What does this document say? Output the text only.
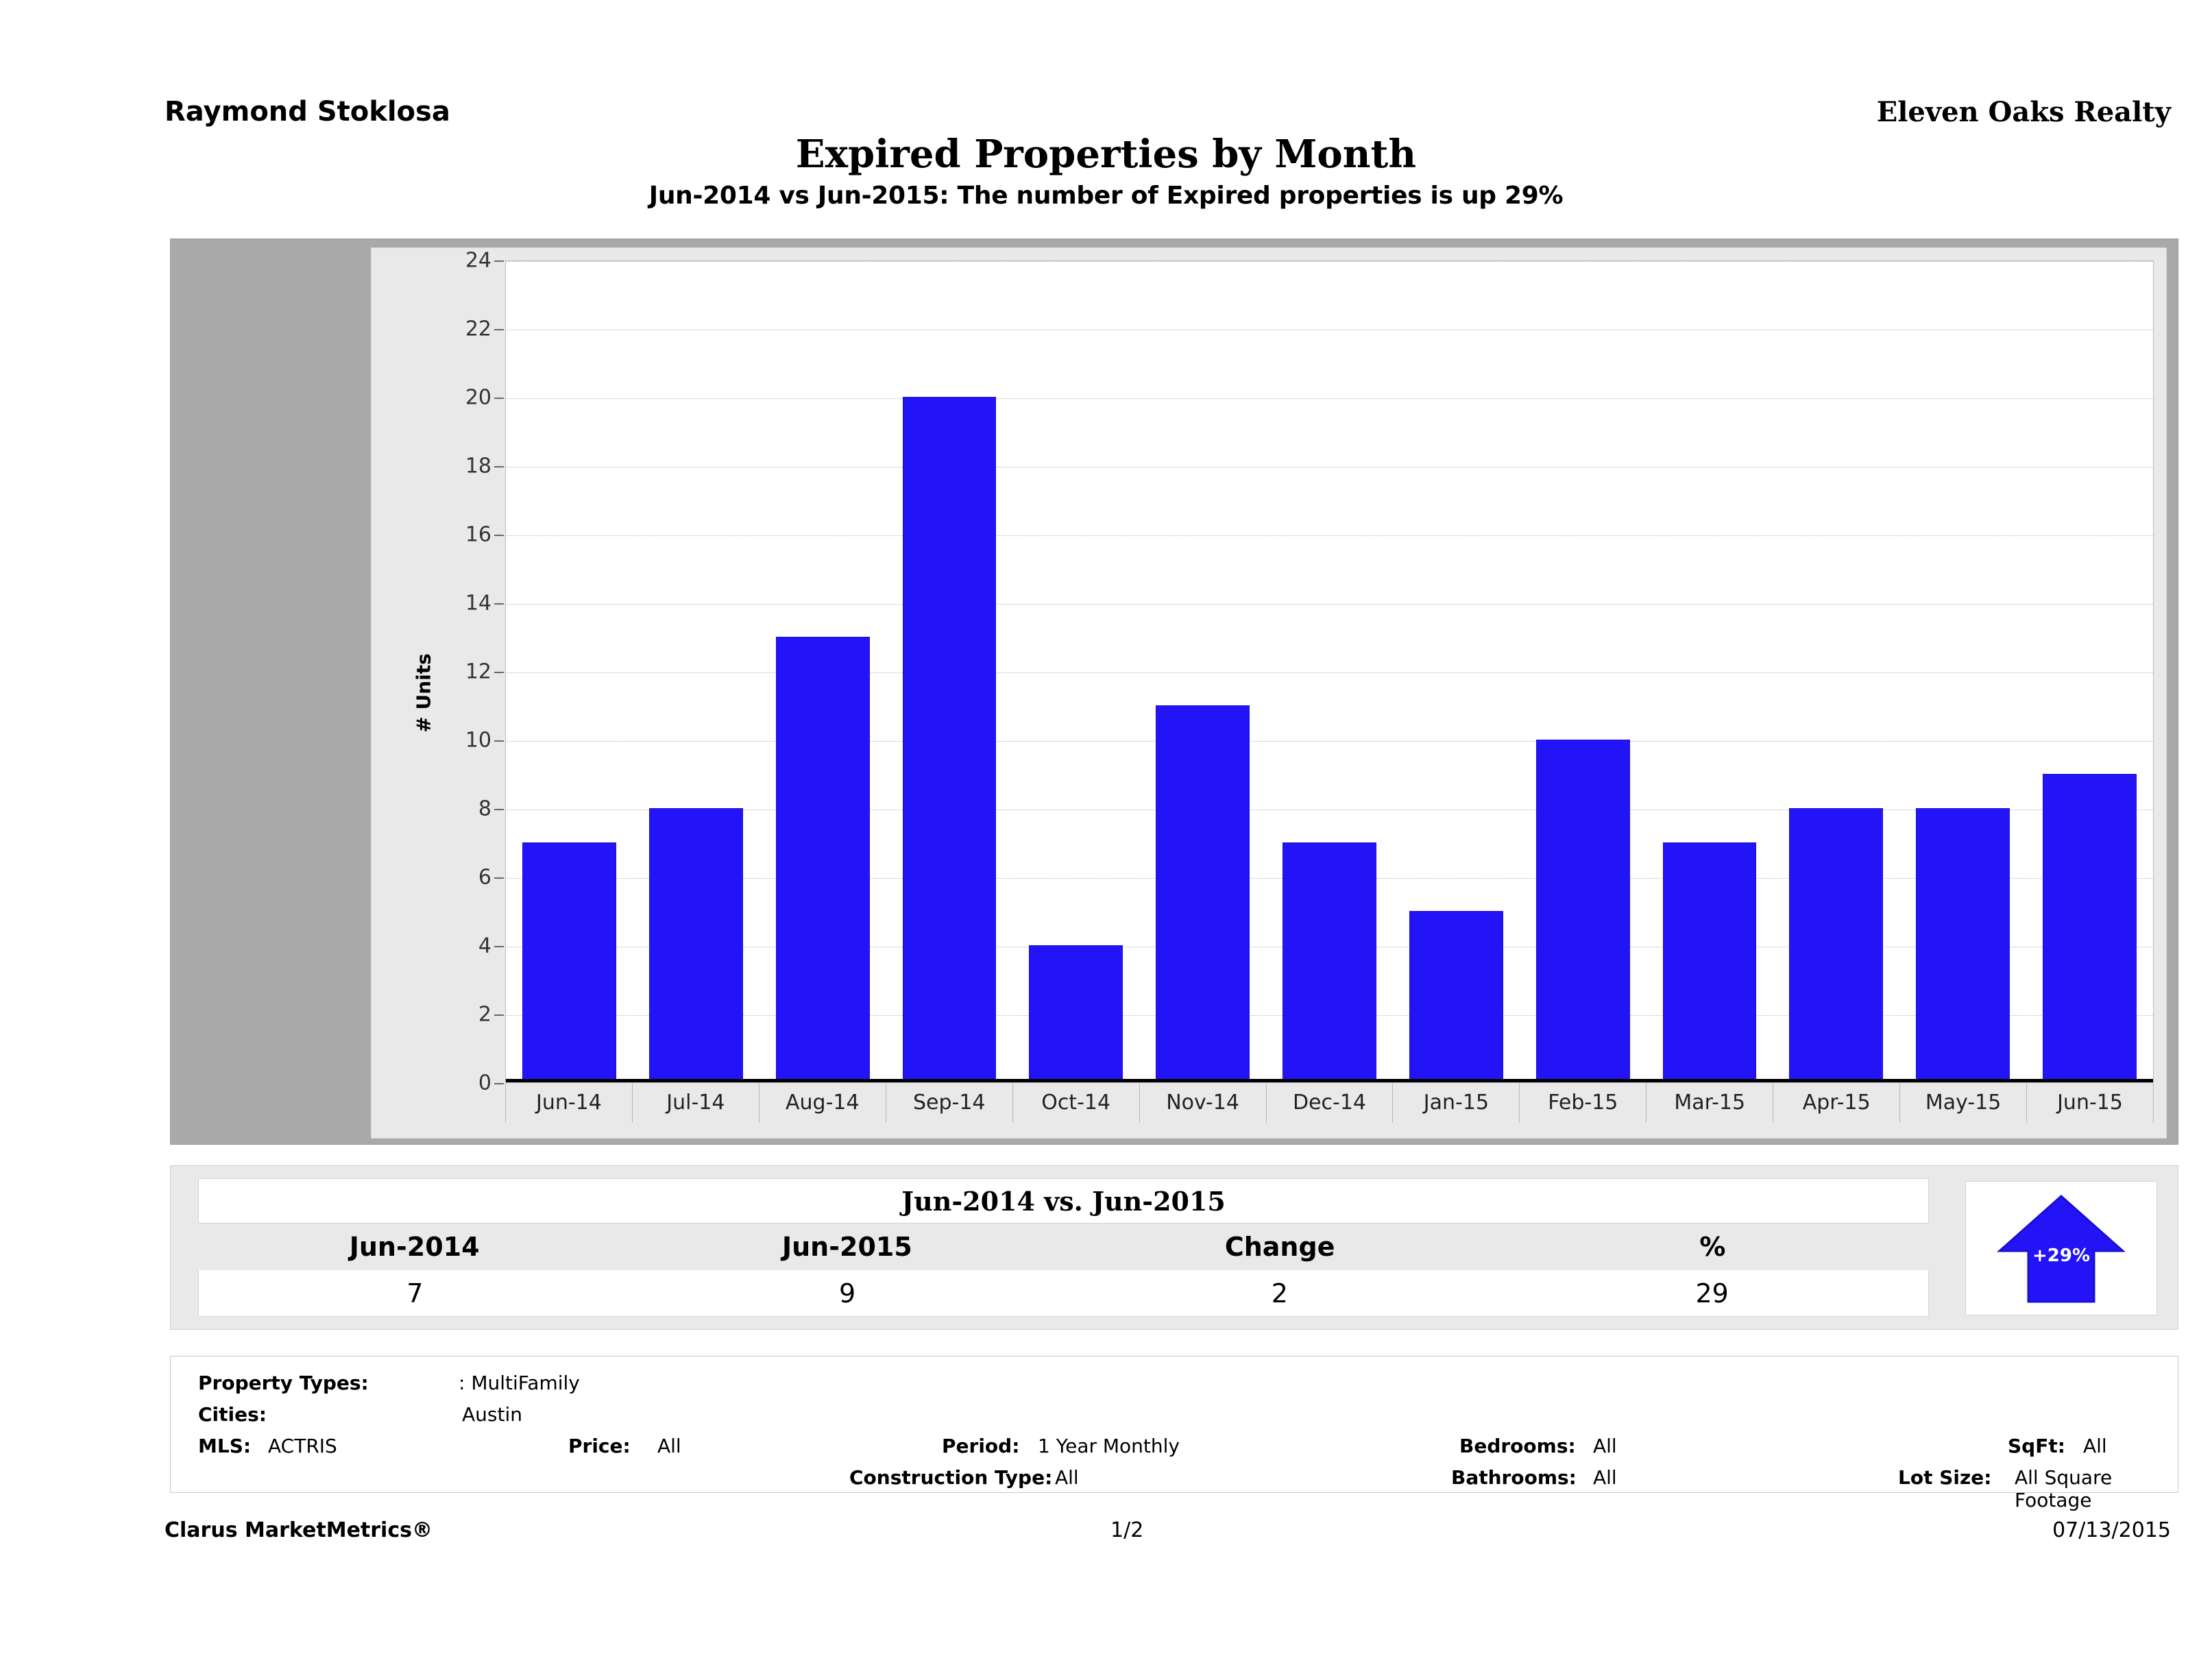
Raymond Stoklosa	Eleven Oaks Realty
Expired Properties by Month
Jun-2014 vs Jun-2015: The number of Expired properties is up 29%
# Units
0
2
4
6
8
10
12
14
16
18
20
22
24
Jun-14	Jul-14	Aug-14	Sep-14	Oct-14	Nov-14	Dec-14	Jan-15	Feb-15	Mar-15	Apr-15	May-15	Jun-15
Jun-2014 vs. Jun-2015
Jun-2014	Jun-2015	Change	%
7	9	2	29
+29%
Property Types:	: MultiFamily
Cities:	Austin
MLS: ACTRIS	Price: All	Period: 1 Year Monthly	Bedrooms: All	SqFt: All
Construction Type: All	Bathrooms: All	Lot Size: All Square Footage
Clarus MarketMetrics®	1/2	07/13/2015
